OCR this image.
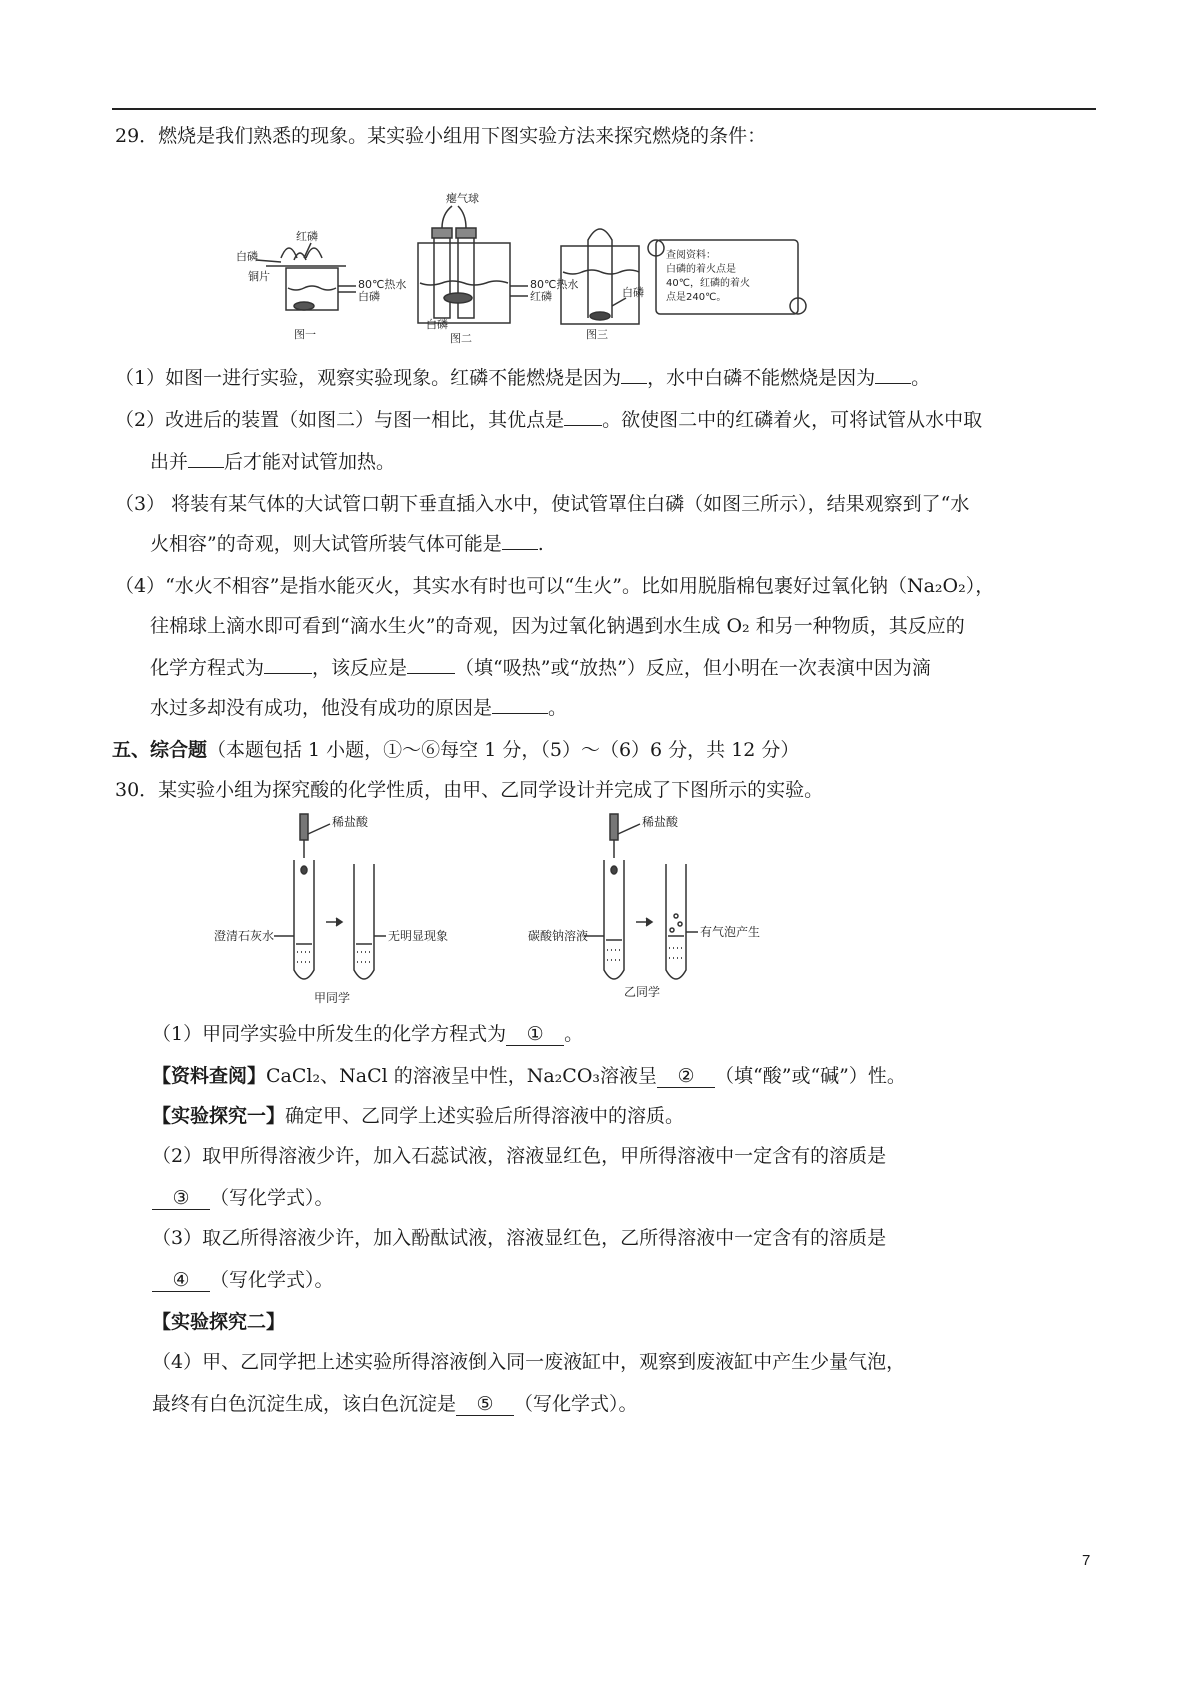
29．燃烧是我们熟悉的现象。某实验小组用下图实验方法来探究燃烧的条件：
红磷
白磷
铜片
80℃热水
白磷
图一
瘪气球
80℃热水
红磷
白磷
图二
白磷
图三
查阅资料：
白磷的着火点是
40℃，红磷的着火
点是240℃。
（1）如图一进行实验，观察实验现象。红磷不能燃烧是因为 ，水中白磷不能燃烧是因为 。
（2）改进后的装置（如图二）与图一相比，其优点是 。欲使图二中的红磷着火，可将试管从水中取
出并 后才能对试管加热。
（3） 将装有某气体的大试管口朝下垂直插入水中，使试管罩住白磷（如图三所示），结果观察到了“水
火相容”的奇观，则大试管所装气体可能是 .
（4）“水火不相容”是指水能灭火，其实水有时也可以“生火”。比如用脱脂棉包裹好过氧化钠（Na₂O₂），
往棉球上滴水即可看到“滴水生火”的奇观，因为过氧化钠遇到水生成 O₂ 和另一种物质，其反应的
化学方程式为	，该反应是	（填“吸热”或“放热”）反应，但小明在一次表演中因为滴
水过多却没有成功，他没有成功的原因是	。
五、综合题（本题包括 1 小题，①～⑥每空 1 分，（5）～（6）6 分，共 12 分）
30．某实验小组为探究酸的化学性质，由甲、乙同学设计并完成了下图所示的实验。
稀盐酸
澄清石灰水	无明显现象
甲同学
稀盐酸
碳酸钠溶液	有气泡产生
乙同学
（1）甲同学实验中所发生的化学方程式为 ① 。
【资料查阅】CaCl₂、NaCl 的溶液呈中性，Na₂CO₃溶液呈 ② （填“酸”或“碱”）性。
【实验探究一】确定甲、乙同学上述实验后所得溶液中的溶质。
（2）取甲所得溶液少许，加入石蕊试液，溶液显红色，甲所得溶液中一定含有的溶质是
③ （写化学式）。
（3）取乙所得溶液少许，加入酚酞试液，溶液显红色，乙所得溶液中一定含有的溶质是
④ （写化学式）。
【实验探究二】
（4）甲、乙同学把上述实验所得溶液倒入同一废液缸中，观察到废液缸中产生少量气泡，
最终有白色沉淀生成，该白色沉淀是 ⑤ （写化学式）。
7
